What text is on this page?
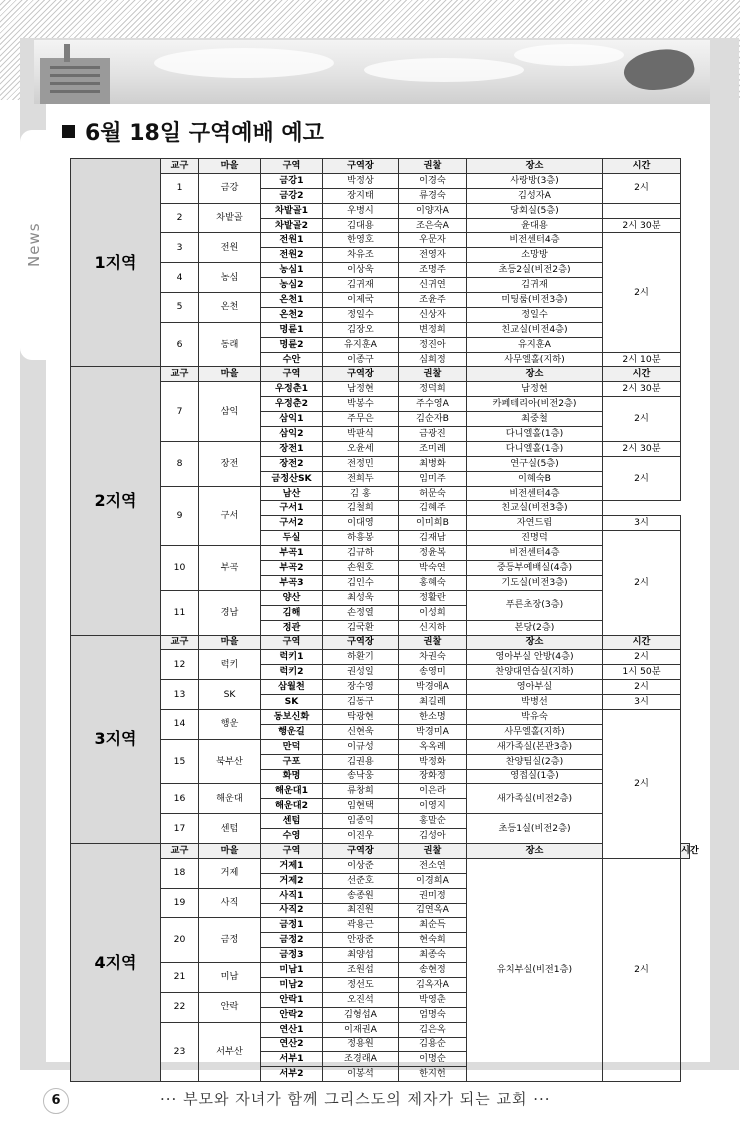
News
6월 18일 구역예배 예고
1지역	교구	마을	구역	구역장	권찰	장소	시간	
	1	금강	금강1	박정상	이경숙	사랑방(3층)	2시	
			금강2	장지태	류경숙	김성자A		
	2	차밭골	차밭골1	우병시	이양자A	당회실(5층)		
			차밭골2	김대용	조은숙A	윤대용	2시 30분	
	3	전원	전원1	한영호	우문자	비전센터4층	2시	
			전원2	차유조	전영자	소망방		
	4	농심	농심1	이상욱	조명주	초등2실(비전2층)		
			농심2	김귀재	신귀연	김귀재		
	5	온천	온천1	이제국	조윤주	미팅룸(비전3층)		
			온천2	정일수	신상자	정일수		
	6	동래	명륜1	김장오	변정희	친교실(비전4층)		
			명륜2	유지훈A	정진아	유지훈A		
			수안	이종구	심희정	사무엘홀(지하)	2시 10분	
2지역	교구	마을	구역	구역장	권찰	장소	시간	
	7	삼익	우정춘1	남정현	정덕희	남정현	2시 30분	
			우정춘2	박봉수	주수영A	카페테리아(비전2층)	2시	
			삼익1	주무은	김순자B	최중철		
			삼익2	박판식	금광진	다니엘홀(1층)		
	8	장전	장전1	오윤세	조미례	다니엘홀(1층)	2시 30분	
			장전2	전정민	최병화	연구실(5층)	2시	
			금정산SK	전희두	임미주	이혜숙B		
	9	구서	남산	김 홍	허문숙	비전센터4층		
			구서1	김철희	김혜주	친교실(비전3층)		
			구서2	이대영	이미희B	자연드림	3시	
			두실	하흥봉	김재남	진명덕	2시	
	10	부곡	부곡1	김규하	정윤복	비전센터4층		
			부곡2	손원호	박숙연	중등부예배실(4층)		
			부곡3	김인수	홍혜숙	기도실(비전3층)		
	11	경남	양산	최성욱	정활란	푸른초장(3층)		
			김해	손정열	이성희			
			정관	김국환	신지하	본당(2층)		
3지역	교구	마을	구역	구역장	권찰	장소	시간	
	12	럭키	럭키1	하환기	차권숙	영아부실 안방(4층)	2시	
			럭키2	권성일	송영미	찬양대연습실(지하)	1시 50분	
	13	SK	삼월천	장수영	박경애A	영아부실	2시	
			SK	김동구	최길례	박병선	3시	
	14	행운	동보신화	탁광현	한소명	박유숙	2시	
			행운길	신현욱	박경미A	사무엘홀(지하)		
	15	북부산	만덕	이규성	옥옥례	새가족실(본관3층)		
			구포	김권용	박정화	찬양팀실(2층)		
			화명	송낙웅	장화정	영접실(1층)		
	16	해운대	해운대1	류창희	이은라	새가족실(비전2층)		
			해운대2	임현택	이영지			
	17	센텀	센텀	임종익	홍말순	초등1실(비전2층)		
			수영	이진우	김성아			
4지역	교구	마을	구역	구역장	권찰	장소		시간
	18	거제	거제1	이상준	전소연	유치부실(비전1층)	2시	
			거제2	선준호	이경희A			
	19	사직	사직1	송종원	권미정			
			사직2	최진원	김연옥A			
	20	금정	금정1	곽용근	최순득			
			금정2	안광준	현숙희			
			금정3	최양섭	최종숙			
	21	미남	미남1	조원섭	송현정			
			미남2	정선도	김옥자A			
	22	안락	안락1	오진석	박영춘			
			안락2	김형섭A	엄명숙			
	23	서부산	연산1	이재권A	김은옥			
			연산2	정용원	김용순			
			서부1	조경래A	이명순			
			서부2	이봉석	한지헌			
6	··· 부모와 자녀가 함께 그리스도의 제자가 되는 교회 ···
